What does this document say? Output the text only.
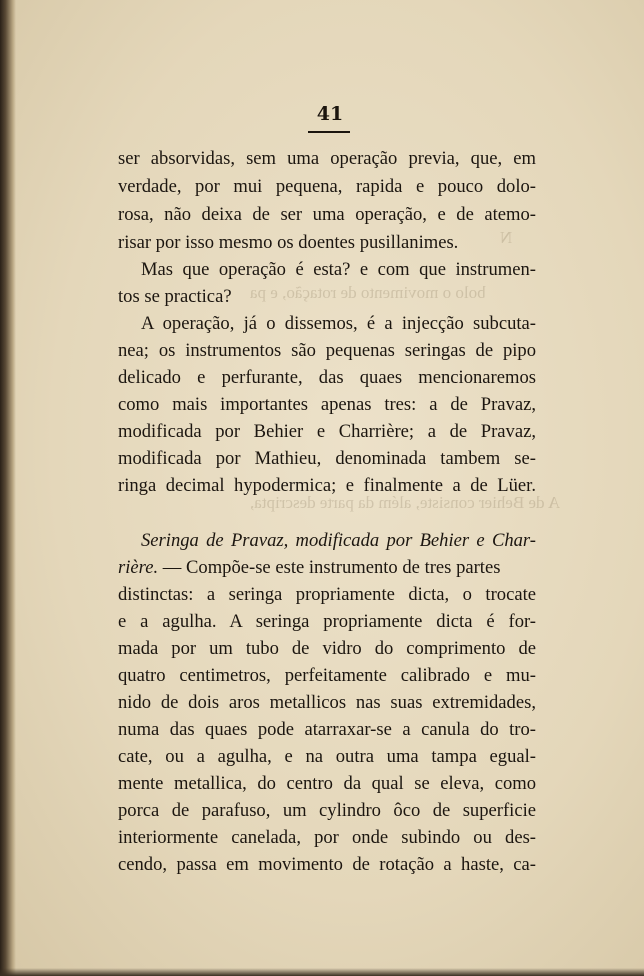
41
N
bolo o movimento de rotação, e pa
A de Behier consiste, além da parte descripta,
ser absorvidas, sem uma operação previa, que, em
verdade, por mui pequena, rapida e pouco dolo-
rosa, não deixa de ser uma operação, e de atemo-
risar por isso mesmo os doentes pusillanimes.
Mas que operação é esta? e com que instrumen-
tos se practica?
A operação, já o dissemos, é a injecção subcuta-
nea; os instrumentos são pequenas seringas de pipo
delicado e perfurante, das quaes mencionaremos
como mais importantes apenas tres: a de Pravaz,
modificada por Behier e Charrière; a de Pravaz,
modificada por Mathieu, denominada tambem se-
ringa decimal hypodermica; e finalmente a de Lüer.
Seringa de Pravaz, modificada por Behier e Char-
rière. — Compõe-se este instrumento de tres partes
distinctas: a seringa propriamente dicta, o trocate
e a agulha. A seringa propriamente dicta é for-
mada por um tubo de vidro do comprimento de
quatro centimetros, perfeitamente calibrado e mu-
nido de dois aros metallicos nas suas extremidades,
numa das quaes pode atarraxar-se a canula do tro-
cate, ou a agulha, e na outra uma tampa egual-
mente metallica, do centro da qual se eleva, como
porca de parafuso, um cylindro ôco de superficie
interiormente canelada, por onde subindo ou des-
cendo, passa em movimento de rotação a haste, ca-
